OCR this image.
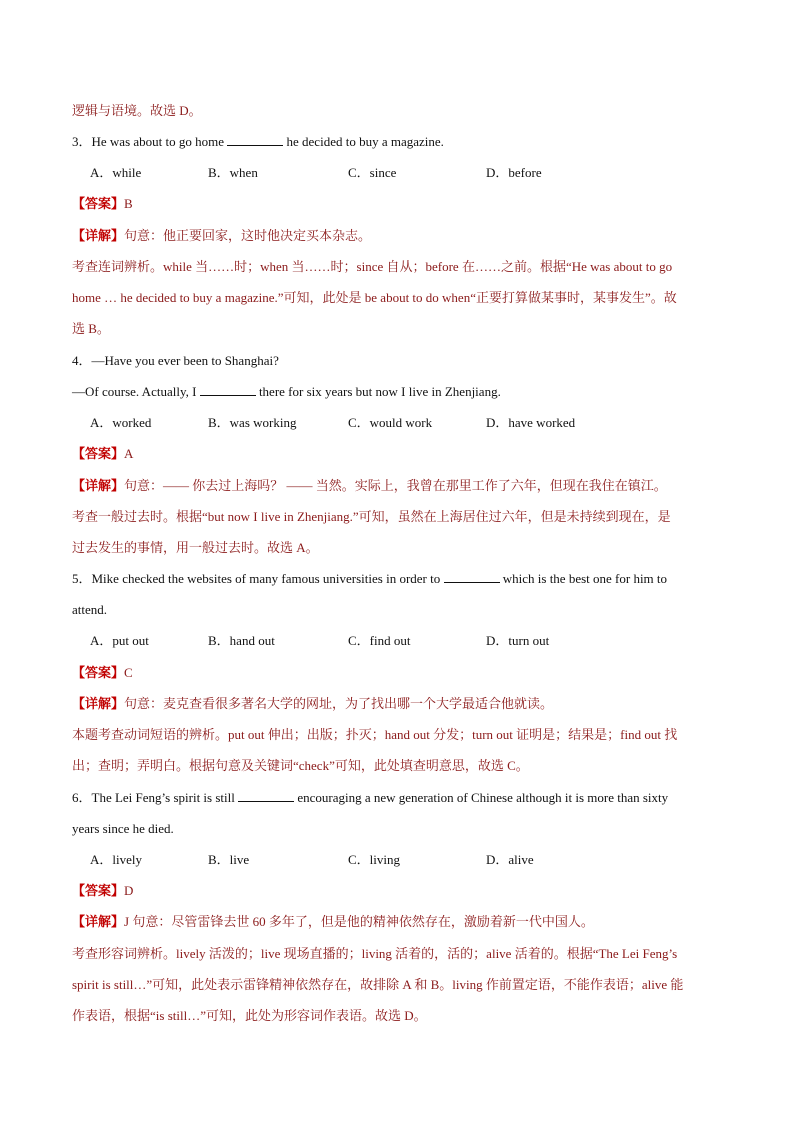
逻辑与语境。故选 D。
3．He was about to go home	he decided to buy a magazine.
A．while	B．when	C．since	D．before
【答案】B
【详解】句意：他正要回家，这时他决定买本杂志。
考查连词辨析。while 当……时；when 当……时；since 自从；before 在……之前。根据“He was about to go
home … he decided to buy a magazine.”可知，此处是 be about to do when“正要打算做某事时，某事发生”。故
选 B。
4．—Have you ever been to Shanghai?
—Of course. Actually, I	there for six years but now I live in Zhenjiang.
A．worked	B．was working	C．would work	D．have worked
【答案】A
【详解】句意：—— 你去过上海吗？ —— 当然。实际上，我曾在那里工作了六年，但现在我住在镇江。
考查一般过去时。根据“but now I live in Zhenjiang.”可知，虽然在上海居住过六年，但是未持续到现在，是
过去发生的事情，用一般过去时。故选 A。
5．Mike checked the websites of many famous universities in order to	which is the best one for him to
attend.
A．put out	B．hand out	C．find out	D．turn out
【答案】C
【详解】句意：麦克查看很多著名大学的网址，为了找出哪一个大学最适合他就读。
本题考查动词短语的辨析。put out 伸出；出版；扑灭；hand out 分发；turn out 证明是；结果是；find out 找
出；查明；弄明白。根据句意及关键词“check”可知，此处填查明意思，故选 C。
6．The Lei Feng’s spirit is still	encouraging a new generation of Chinese although it is more than sixty
years since he died.
A．lively	B．live	C．living	D．alive
【答案】D
【详解】J 句意：尽管雷锋去世 60 多年了，但是他的精神依然存在，激励着新一代中国人。
考查形容词辨析。lively 活泼的；live 现场直播的；living 活着的，活的；alive 活着的。根据“The Lei Feng’s
spirit is still…”可知，此处表示雷锋精神依然存在，故排除 A 和 B。living 作前置定语，不能作表语；alive 能
作表语，根据“is still…”可知，此处为形容词作表语。故选 D。
